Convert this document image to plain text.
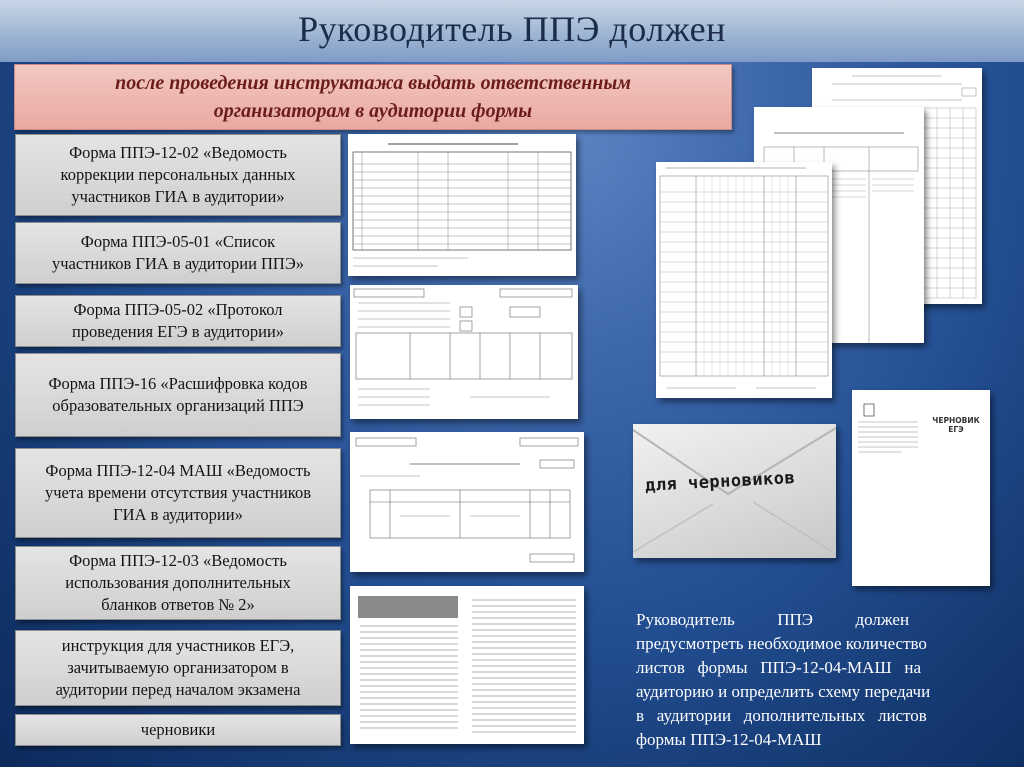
Руководитель ППЭ должен
после проведения инструктажа выдать ответственным
организаторам в аудитории формы
Форма ППЭ-12-02 «Ведомость
коррекции персональных данных
участников ГИА в аудитории»
Форма ППЭ-05-01 «Список
участников ГИА в аудитории ППЭ»
Форма ППЭ-05-02 «Протокол
проведения ЕГЭ в аудитории»
Форма ППЭ-16 «Расшифровка кодов
образовательных организаций ППЭ
Форма ППЭ-12-04 МАШ «Ведомость
учета времени отсутствия участников
ГИА в аудитории»
Форма ППЭ-12-03 «Ведомость
использования дополнительных
бланков ответов № 2»
инструкция для участников ЕГЭ,
зачитываемую организатором в
аудитории перед началом экзамена
черновики
для черновиков
ЧЕРНОВИК ЕГЭ
Руководитель          ППЭ          должен
предусмотреть необходимое количество
листов   формы   ППЭ-12-04-МАШ   на
аудиторию и определить схему передачи
в   аудитории   дополнительных   листов
формы ППЭ-12-04-МАШ
